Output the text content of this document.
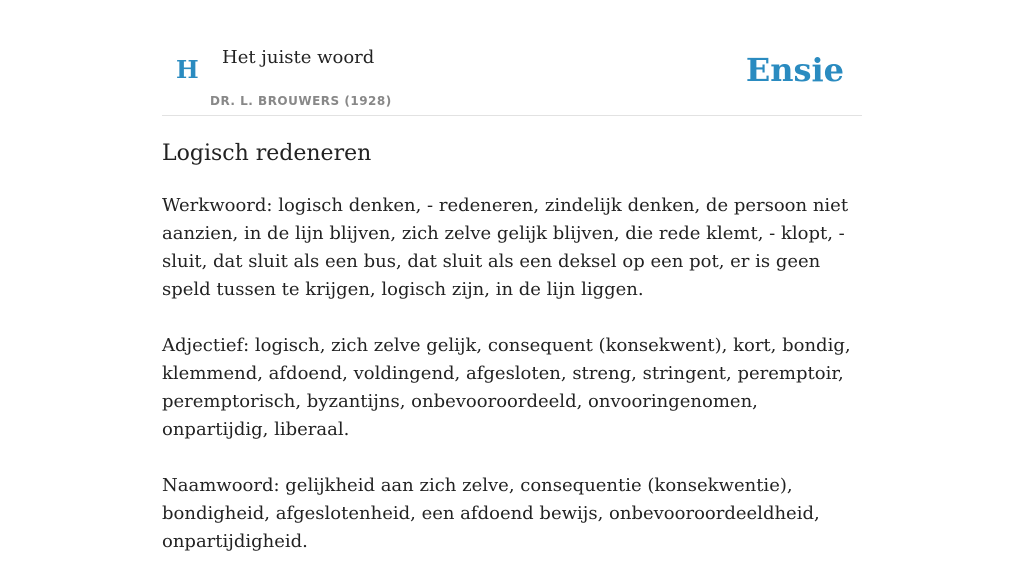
H Het juiste woord
DR. L. BROUWERS (1928)
Ensie
Logisch redeneren

Werkwoord: logisch denken, - redeneren, zindelijk denken, de persoon niet aanzien, in de lijn blijven, zich zelve gelijk blijven, die rede klemt, - klopt, - sluit, dat sluit als een bus, dat sluit als een deksel op een pot, er is geen speld tussen te krijgen, logisch zijn, in de lijn liggen.

Adjectief: logisch, zich zelve gelijk, consequent (konsekwent), kort, bondig, klemmend, afdoend, voldingend, afgesloten, streng, stringent, peremptoir, peremptorisch, byzantijns, onbevooroordeeld, onvooringenomen, onpartijdig, liberaal.

Naamwoord: gelijkheid aan zich zelve, consequentie (konsekwentie), bondigheid, afgeslotenheid, een afdoend bewijs, onbevooroordeeldheid, onpartijdigheid.
